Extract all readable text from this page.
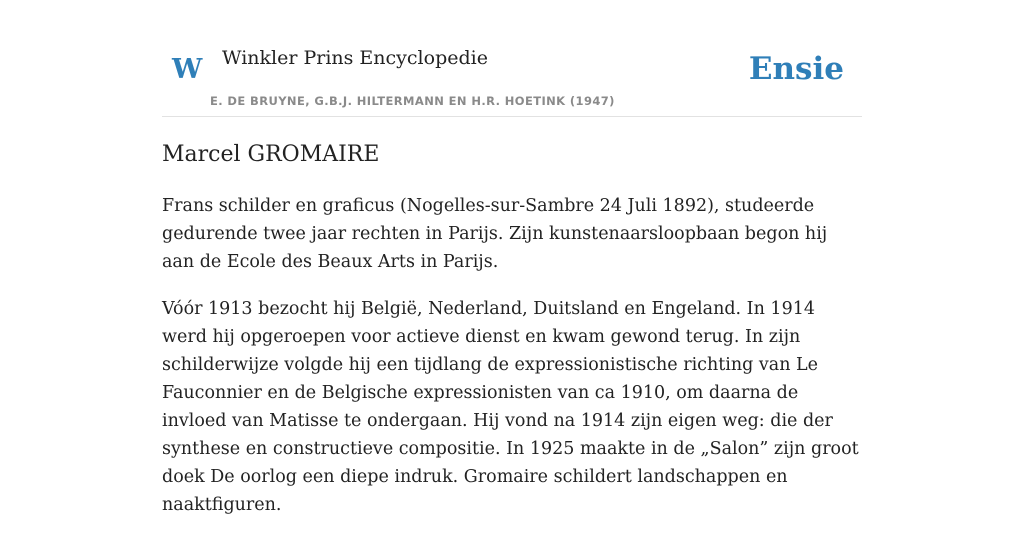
W Winkler Prins Encyclopedie
E. DE BRUYNE, G.B.J. HILTERMANN EN H.R. HOETINK (1947)
Ensie
Marcel GROMAIRE

Frans schilder en graficus (Nogelles-sur-Sambre 24 Juli 1892), studeerde gedurende twee jaar rechten in Parijs. Zijn kunstenaarsloopbaan begon hij aan de Ecole des Beaux Arts in Parijs.

Vóór 1913 bezocht hij België, Nederland, Duitsland en Engeland. In 1914 werd hij opgeroepen voor actieve dienst en kwam gewond terug. In zijn schilderwijze volgde hij een tijdlang de expressionistische richting van Le Fauconnier en de Belgische expressionisten van ca 1910, om daarna de invloed van Matisse te ondergaan. Hij vond na 1914 zijn eigen weg: die der synthese en constructieve compositie. In 1925 maakte in de „Salon” zijn groot doek De oorlog een diepe indruk. Gromaire schildert landschappen en naaktfiguren.
